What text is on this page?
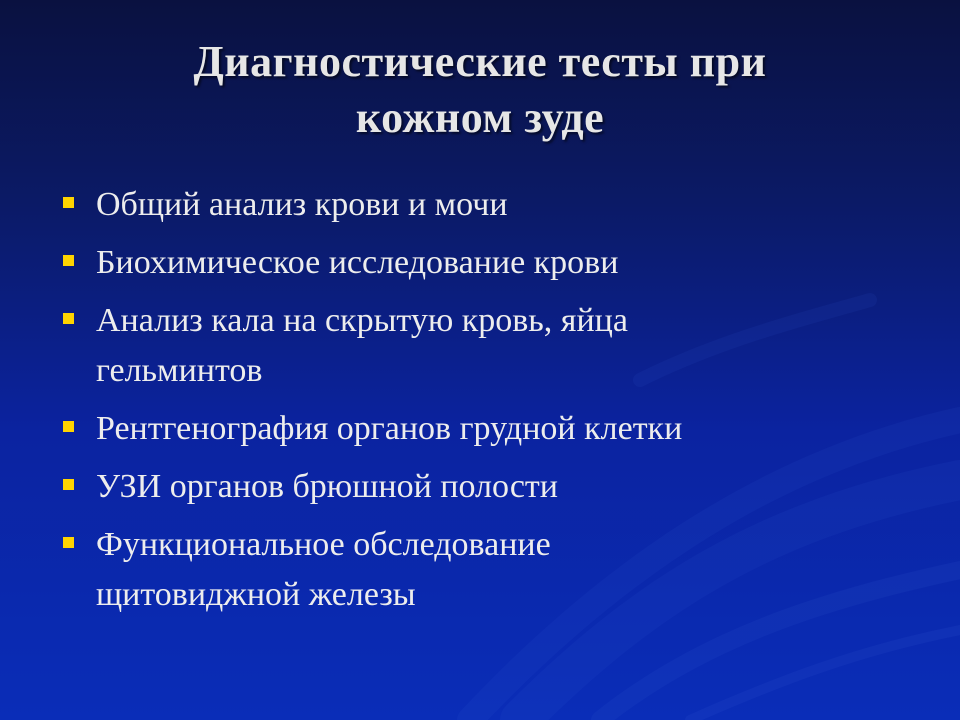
Диагностические тесты при
кожном зуде
Общий анализ крови и мочи
Биохимическое исследование крови
Анализ кала на скрытую кровь, яйца
гельминтов
Рентгенография органов грудной клетки
УЗИ органов брюшной полости
Функциональное обследование
щитовиджной железы
